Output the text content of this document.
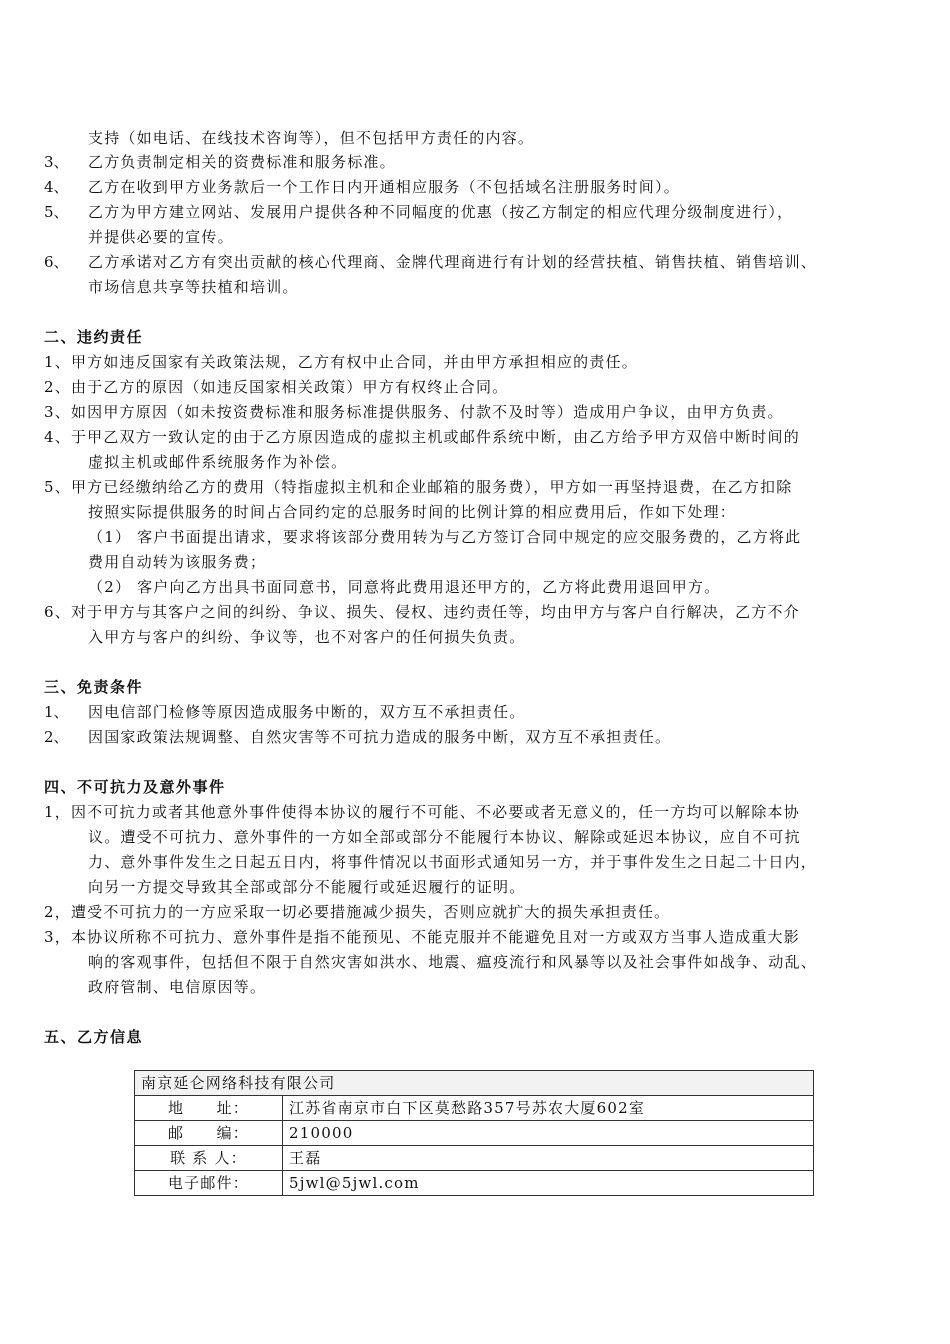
支持（如电话、在线技术咨询等），但不包括甲方责任的内容。
3、 乙方负责制定相关的资费标准和服务标准。
4、 乙方在收到甲方业务款后一个工作日内开通相应服务（不包括域名注册服务时间）。
5、 乙方为甲方建立网站、发展用户提供各种不同幅度的优惠（按乙方制定的相应代理分级制度进行），
并提供必要的宣传。
6、 乙方承诺对乙方有突出贡献的核心代理商、金牌代理商进行有计划的经营扶植、销售扶植、销售培训、
市场信息共享等扶植和培训。
二、违约责任
1、甲方如违反国家有关政策法规，乙方有权中止合同，并由甲方承担相应的责任。
2、由于乙方的原因（如违反国家相关政策）甲方有权终止合同。
3、如因甲方原因（如未按资费标准和服务标准提供服务、付款不及时等）造成用户争议，由甲方负责。
4、于甲乙双方一致认定的由于乙方原因造成的虚拟主机或邮件系统中断，由乙方给予甲方双倍中断时间的
虚拟主机或邮件系统服务作为补偿。
5、甲方已经缴纳给乙方的费用（特指虚拟主机和企业邮箱的服务费），甲方如一再坚持退费，在乙方扣除
按照实际提供服务的时间占合同约定的总服务时间的比例计算的相应费用后，作如下处理：
（1） 客户书面提出请求，要求将该部分费用转为与乙方签订合同中规定的应交服务费的，乙方将此
费用自动转为该服务费；
（2） 客户向乙方出具书面同意书，同意将此费用退还甲方的，乙方将此费用退回甲方。
6、对于甲方与其客户之间的纠纷、争议、损失、侵权、违约责任等，均由甲方与客户自行解决，乙方不介
入甲方与客户的纠纷、争议等，也不对客户的任何损失负责。
三、免责条件
1、 因电信部门检修等原因造成服务中断的，双方互不承担责任。
2、 因国家政策法规调整、自然灾害等不可抗力造成的服务中断，双方互不承担责任。
四、不可抗力及意外事件
1，因不可抗力或者其他意外事件使得本协议的履行不可能、不必要或者无意义的，任一方均可以解除本协
议。遭受不可抗力、意外事件的一方如全部或部分不能履行本协议、解除或延迟本协议，应自不可抗
力、意外事件发生之日起五日内，将事件情况以书面形式通知另一方，并于事件发生之日起二十日内，
向另一方提交导致其全部或部分不能履行或延迟履行的证明。
2，遭受不可抗力的一方应采取一切必要措施减少损失，否则应就扩大的损失承担责任。
3，本协议所称不可抗力、意外事件是指不能预见、不能克服并不能避免且对一方或双方当事人造成重大影
响的客观事件，包括但不限于自然灾害如洪水、地震、瘟疫流行和风暴等以及社会事件如战争、动乱、
政府管制、电信原因等。
五、乙方信息
南京延仑网络科技有限公司	
地　　址：	江苏省南京市白下区莫愁路357号苏农大厦602室
邮　　编：	210000
联 系 人：	王磊
电子邮件：	5jwl@5jwl.com
